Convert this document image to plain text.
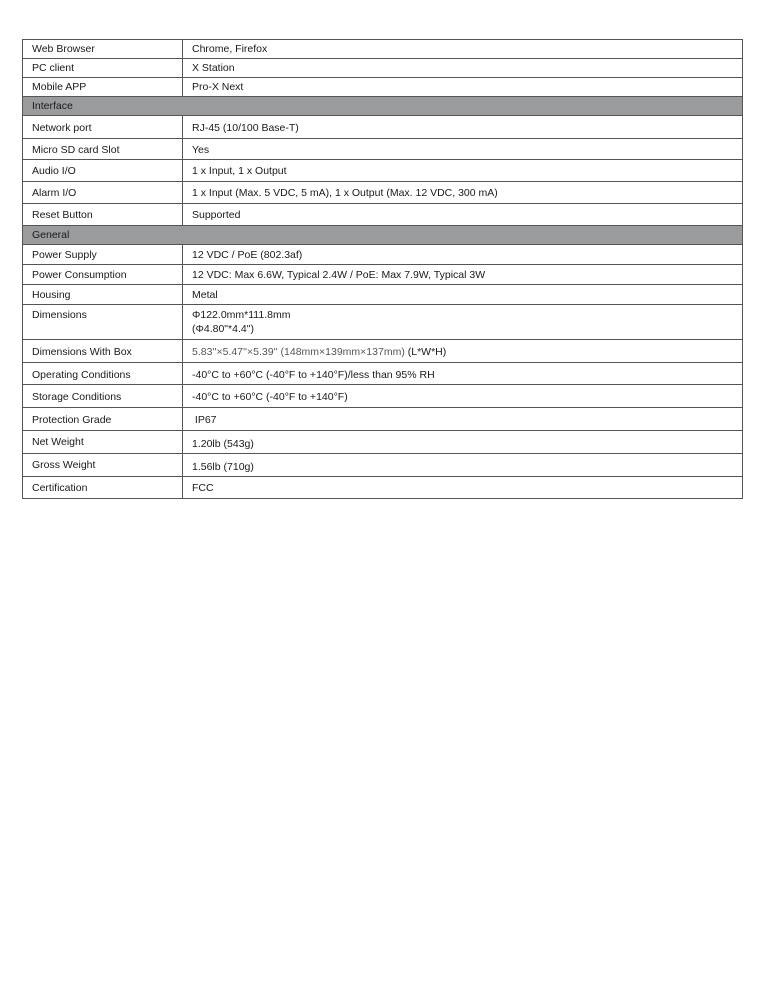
Web Browser	Chrome, Firefox
PC client	X Station
Mobile APP	Pro-X Next
Interface	
Network port	RJ-45 (10/100 Base-T)
Micro SD card Slot	Yes
Audio I/O	1 x Input, 1 x Output
Alarm I/O	1 x Input (Max. 5 VDC, 5 mA), 1 x Output (Max. 12 VDC, 300 mA)
Reset Button	Supported
General	
Power Supply	12 VDC / PoE (802.3af)
Power Consumption	12 VDC: Max 6.6W, Typical 2.4W / PoE: Max 7.9W, Typical 3W
Housing	Metal
Dimensions	Φ122.0mm*111.8mm
(Φ4.80"*4.4")

Dimensions With Box	5.83''×5.47''×5.39'' (148mm×139mm×137mm) (L*W*H)
Operating Conditions	-40°C to +60°C (-40°F to +140°F)/less than 95% RH
Storage Conditions	-40°C to +60°C (-40°F to +140°F)
Protection Grade	IP67
Net Weight	1.20lb (543g)
Gross Weight	1.56lb (710g)
Certification	FCC
